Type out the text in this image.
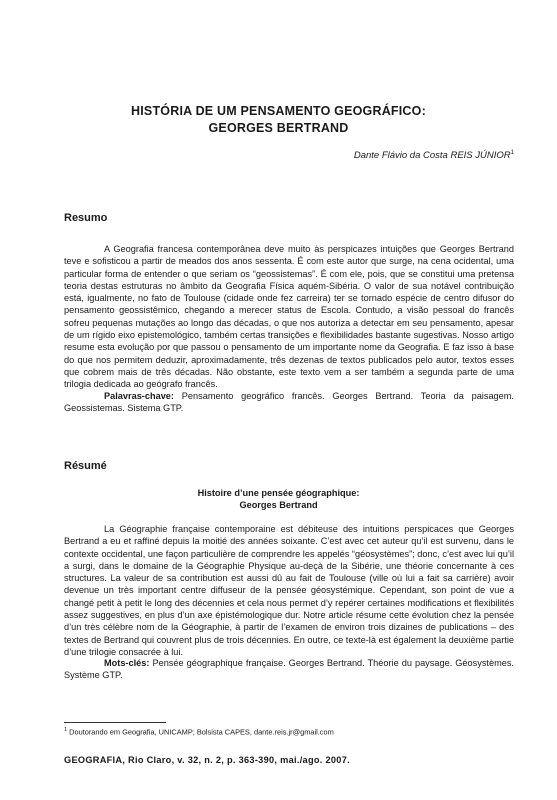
HISTÓRIA DE UM PENSAMENTO GEOGRÁFICO:
GEORGES BERTRAND
Dante Flávio da Costa REIS JÚNIOR$^1$
Resumo

A Geografia francesa contemporânea deve muito às perspicazes intuições que Georges Bertrand teve e sofisticou a partir de meados dos anos sessenta. É com este autor que surge, na cena ocidental, uma particular forma de entender o que seriam os “geossistemas”. É com ele, pois, que se constitui uma pretensa teoria destas estruturas no âmbito da Geografia Física aquém-Sibéria. O valor de sua notável contribuição está, igualmente, no fato de Toulouse (cidade onde fez carreira) ter se tornado espécie de centro difusor do pensamento geossistêmico, chegando a merecer status de Escola. Contudo, a visão pessoal do francês sofreu pequenas mutações ao longo das décadas, o que nos autoriza a detectar em seu pensamento, apesar de um rígido eixo epistemológico, também certas transições e flexibilidades bastante sugestivas. Nosso artigo resume esta evolução por que passou o pensamento de um importante nome da Geografia. E faz isso à base do que nos permitem deduzir, aproximadamente, três dezenas de textos publicados pelo autor, textos esses que cobrem mais de três décadas. Não obstante, este texto vem a ser também a segunda parte de uma trilogia dedicada ao geógrafo francês.

Palavras-chave: Pensamento geográfico francês. Georges Bertrand. Teoria da paisagem. Geossistemas. Sistema GTP.

Résumé
Histoire d’une pensée géographique:
Georges Bertrand

La Géographie française contemporaine est débiteuse des intuitions perspicaces que Georges Bertrand a eu et raffiné depuis la moitié des années soixante. C’est avec cet auteur qu’il est survenu, dans le contexte occidental, une façon particulière de comprendre les appelés “géosystèmes”; donc, c’est avec lui qu’il a surgi, dans le domaine de la Géographie Physique au-deçà de la Sibérie, une théorie concernante à ces structures. La valeur de sa contribution est aussi dû au fait de Toulouse (ville où lui a fait sa carrière) avoir devenue un très important centre diffuseur de la pensée géosystémique. Cependant, son point de vue a changé petit à petit le long des décennies et cela nous permet d’y repérer certaines modifications et flexibilités assez suggestives, en plus d’un axe épistémologique dur. Notre article résume cette évolution chez la pensée d’un très célèbre nom de la Géographie, à partir de l’examen de environ trois dizaines de publications – des textes de Bertrand qui couvrent plus de trois décennies. En outre, ce texte-là est également la deuxième partie d’une trilogie consacrée à lui.

Mots-clés: Pensée géographique française. Georges Bertrand. Théorie du paysage. Géosystèmes. Système GTP.

$^1$ Doutorando em Geografia, UNICAMP; Bolsista CAPES, dante.reis.jr@gmail.com
GEOGRAFIA, Rio Claro, v. 32, n. 2, p. 363-390, mai./ago. 2007.
